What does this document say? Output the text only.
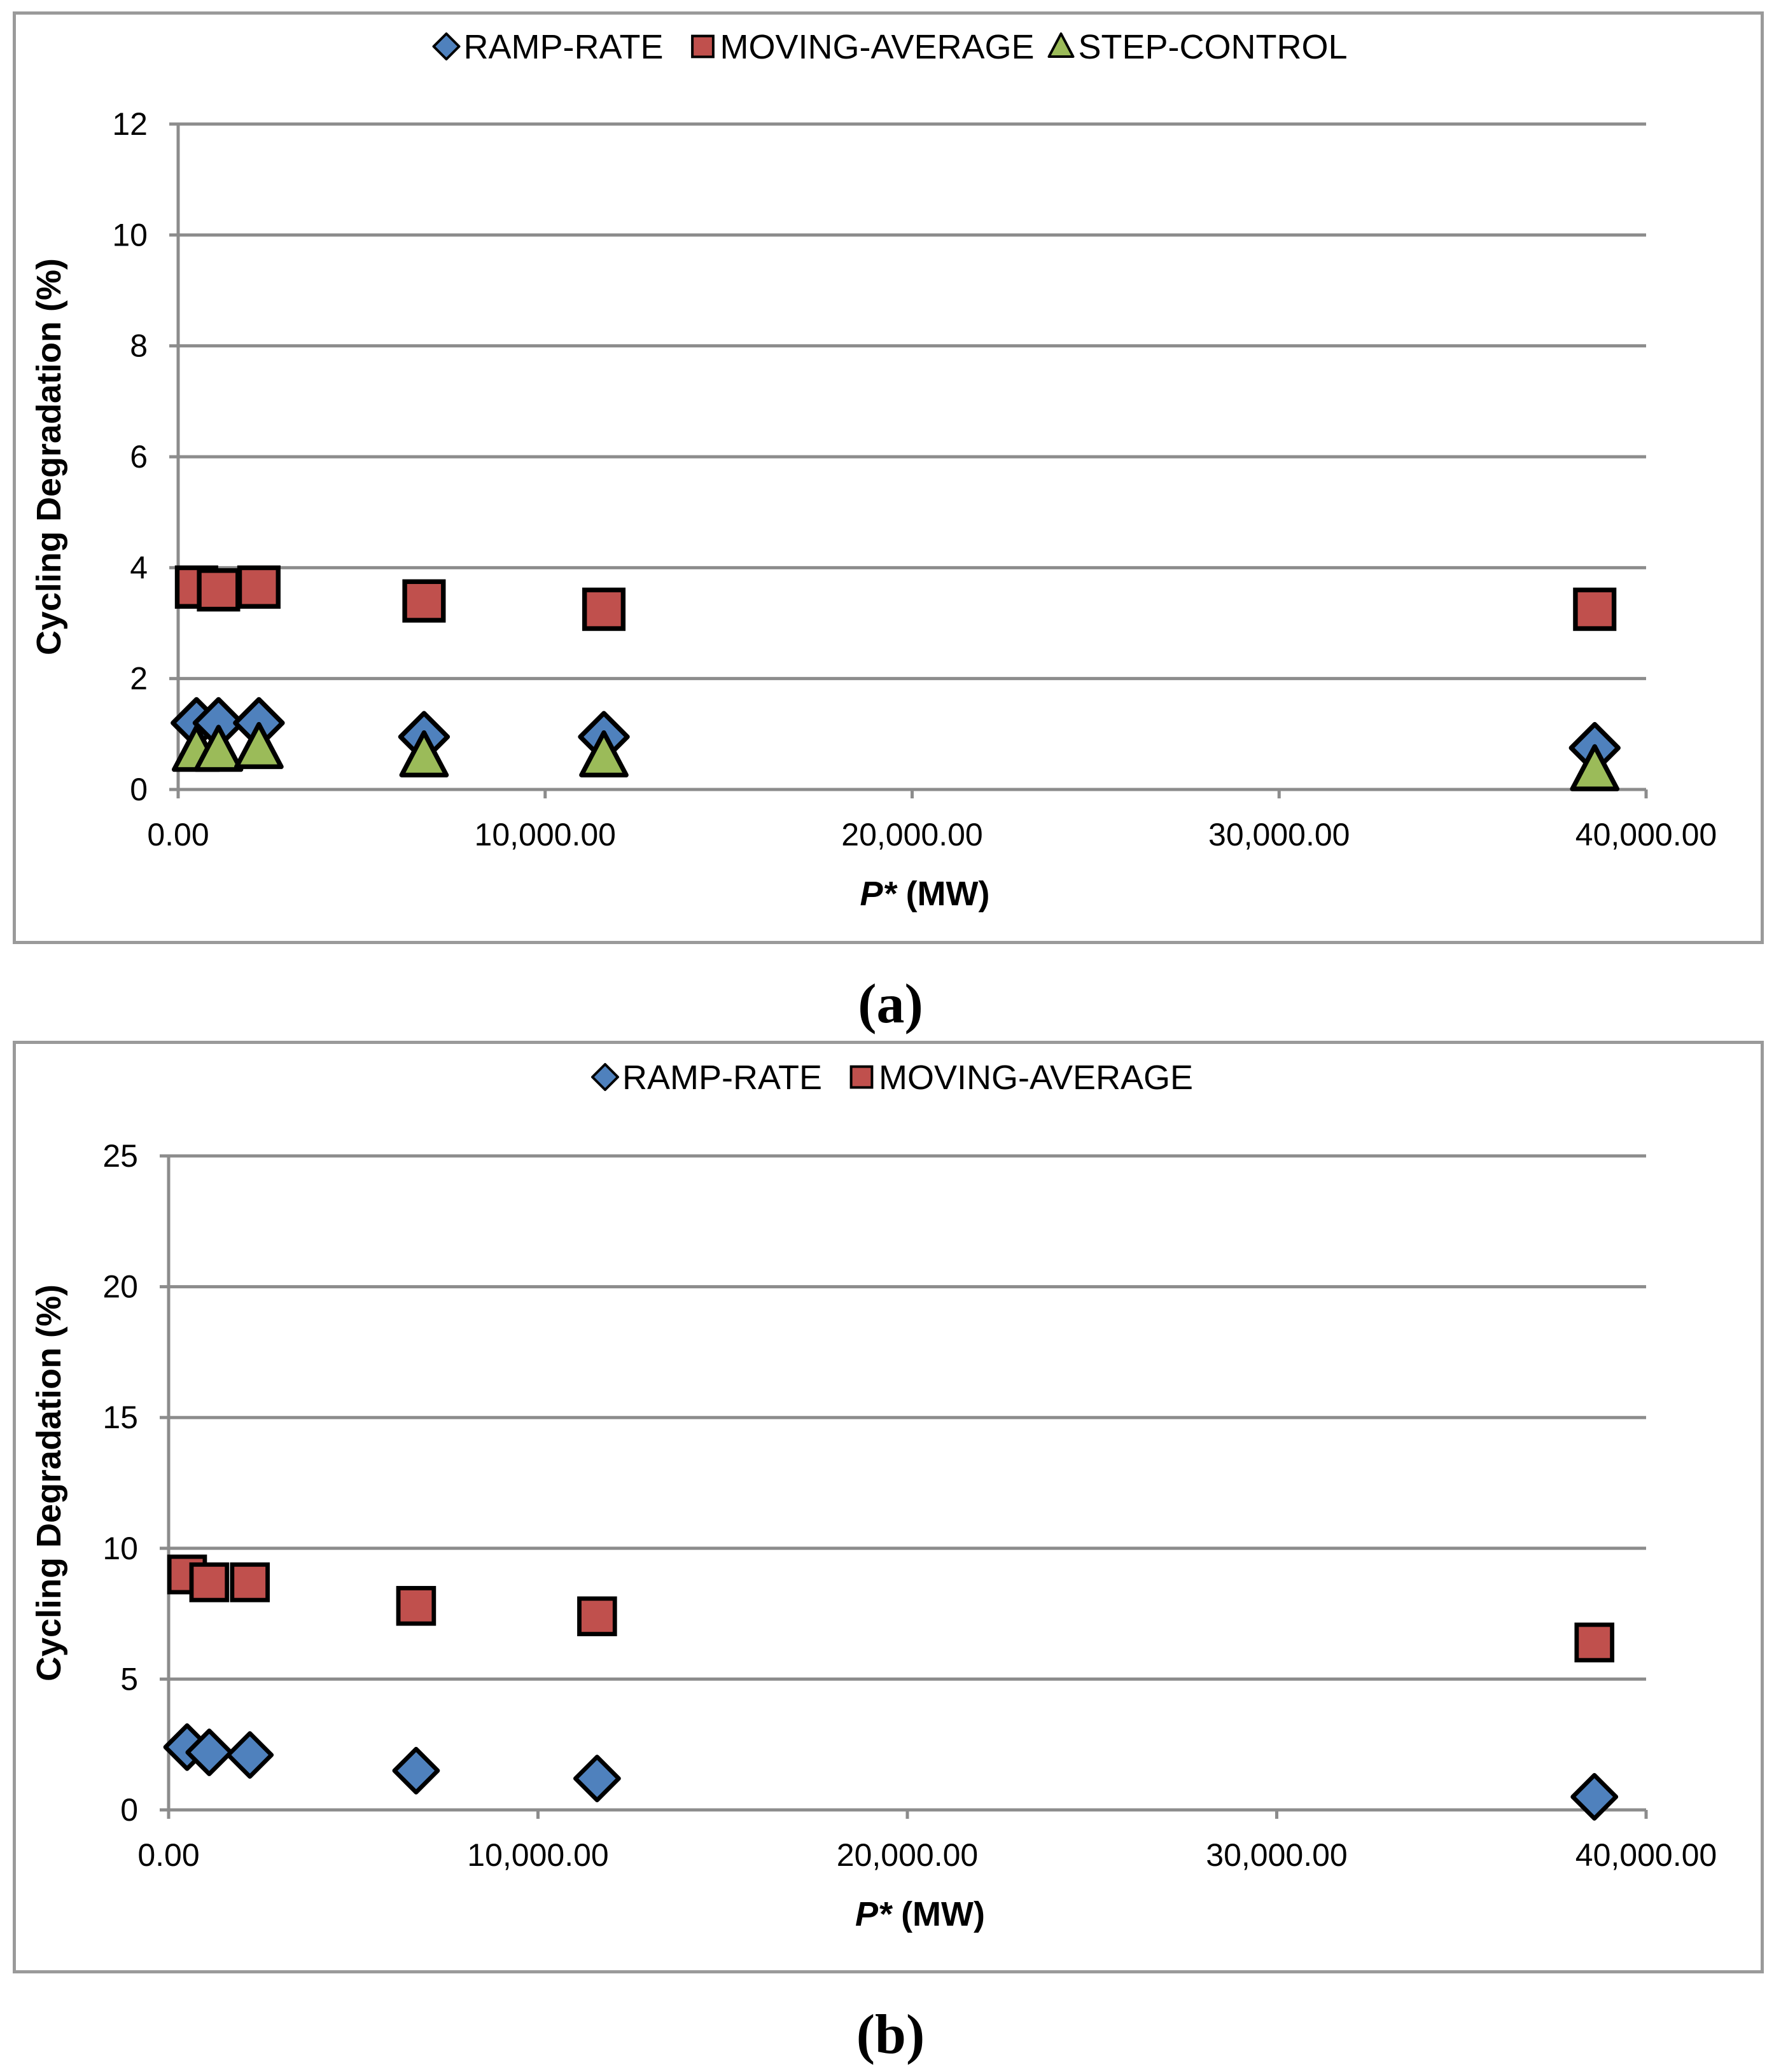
0
2
4
6
8
10
12
0.00	10,000.00	20,000.00	30,000.00	40,000.00
P* (MW)
Cycling Degradation (%)
RAMP-RATE MOVING-AVERAGE STEP-CONTROL
(a)
0
5
10
15
20
25
0.00	10,000.00	20,000.00	30,000.00	40,000.00
P* (MW)
Cycling Degradation (%)
RAMP-RATE MOVING-AVERAGE
(b)
